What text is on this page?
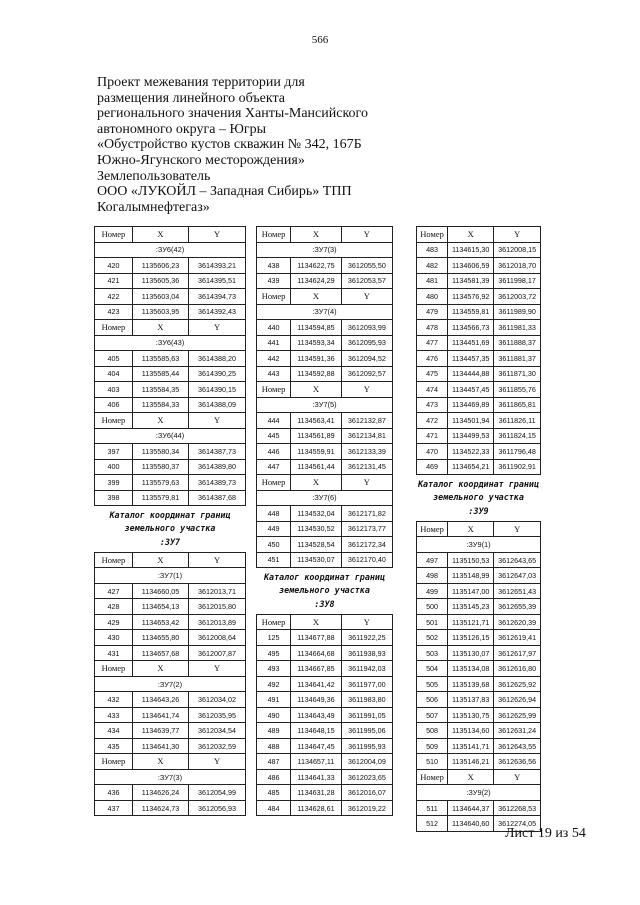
566
Проект межевания территории для
размещения линейного объекта
регионального значения Ханты-Мансийского
автономного округа – Югры
«Обустройство кустов скважин № 342, 167Б
Южно-Ягунского месторождения»
Землепользователь
ООО «ЛУКОЙЛ – Западная Сибирь» ТПП
Когалымнефтегаз»
Номер	X	Y
:ЗУ6(42)		
420	1135606,23	3614393,21
421	1135605,36	3614395,51
422	1135603,04	3614394,73
423	1135603,95	3614392,43
Номер	X	Y
:ЗУ6(43)		
405	1135585,63	3614388,20
404	1135585,44	3614390,25
403	1135584,35	3614390,15
406	1135584,33	3614388,09
Номер	X	Y
:ЗУ6(44)		
397	1135580,34	3614387,73
400	1135580,37	3614389,80
399	1135579,63	3614389,73
398	1135579,81	3614387,68
Каталог координат границ
земельного участка
:ЗУ7
Номер	X	Y
:ЗУ7(1)		
427	1134660,05	3612013,71
428	1134654,13	3612015,80
429	1134653,42	3612013,89
430	1134655,80	3612008,64
431	1134657,68	3612007,87
Номер	X	Y
:ЗУ7(2)		
432	1134643,26	3612034,02
433	1134641,74	3612035,95
434	1134639,77	3612034,54
435	1134641,30	3612032,59
Номер	X	Y
:ЗУ7(3)		
436	1134626,24	3612054,99
437	1134624,73	3612056,93
Номер	X	Y
:ЗУ7(3)		
438	1134622,75	3612055,50
439	1134624,29	3612053,57
Номер	X	Y
:ЗУ7(4)		
440	1134594,85	3612093,99
441	1134593,34	3612095,93
442	1134591,36	3612094,52
443	1134592,88	3612092,57
Номер	X	Y
:ЗУ7(5)		
444	1134563,41	3612132,87
445	1134561,89	3612134,81
446	1134559,91	3612133,39
447	1134561,44	3612131,45
Номер	X	Y
:ЗУ7(6)		
448	1134532,04	3612171,82
449	1134530,52	3612173,77
450	1134528,54	3612172,34
451	1134530,07	3612170,40
Каталог координат границ
земельного участка
:ЗУ8
Номер	X	Y
125	1134677,88	3611922,25
495	1134664,68	3611938,93
493	1134667,85	3611942,03
492	1134641,42	3611977,00
491	1134649,36	3611983,80
490	1134643,49	3611991,05
489	1134648,15	3611995,06
488	1134647,45	3611995,93
487	1134657,11	3612004,09
486	1134641,33	3612023,65
485	1134631,28	3612016,07
484	1134628,61	3612019,22
Номер	X	Y
483	1134615,30	3612008,15
482	1134606,59	3612018,70
481	1134581,39	3611998,17
480	1134576,92	3612003,72
479	1134559,81	3611989,90
478	1134566,73	3611981,33
477	1134451,69	3611888,37
476	1134457,35	3611881,37
475	1134444,88	3611871,30
474	1134457,45	3611855,76
473	1134469,89	3611865,81
472	1134501,94	3611826,11
471	1134499,53	3611824,15
470	1134522,33	3611796,48
469	1134654,21	3611902,91
Каталог координат границ
земельного участка
:ЗУ9
Номер	X	Y
:ЗУ9(1)		
497	1135150,53	3612643,65
498	1135148,99	3612647,03
499	1135147,00	3612651,43
500	1135145,23	3612655,39
501	1135121,71	3612620,39
502	1135126,15	3612619,41
503	1135130,07	3612617,97
504	1135134,08	3612616,80
505	1135139,68	3612625,92
506	1135137,83	3612626,94
507	1135130,75	3612625,99
508	1135134,60	3612631,24
509	1135141,71	3612643,55
510	1135146,21	3612636,56
Номер	X	Y
:ЗУ9(2)		
511	1134644,37	3612268,53
512	1134640,60	3612274,05
Лист 19 из 54
